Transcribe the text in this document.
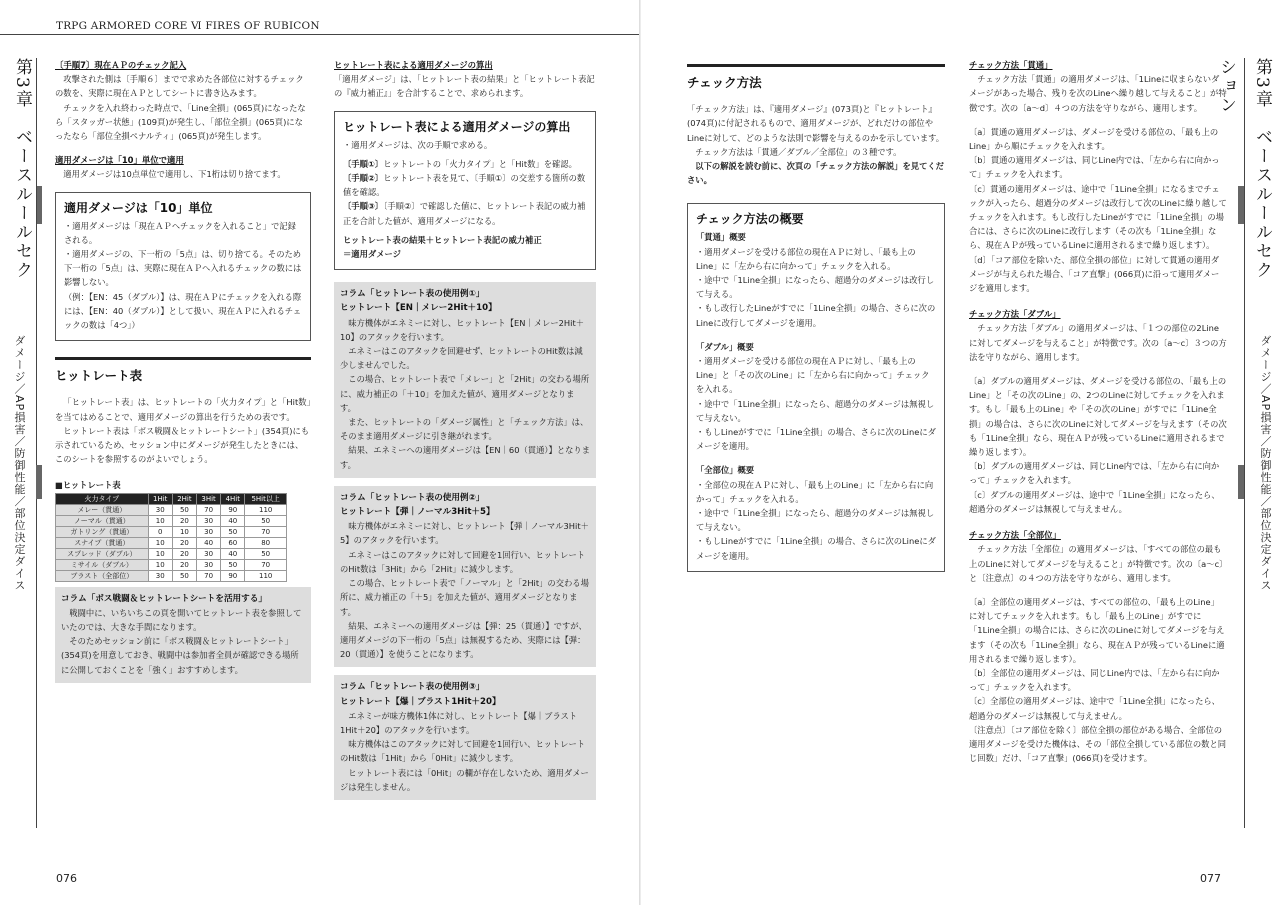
TRPG ARMORED CORE Ⅵ FIRES OF RUBICON
第3章　ベースルールセク
ダメージ／AP損害／防御性能／部位決定ダイス
第3章　ベースルールセクション
ダメージ／AP損害／防御性能／部位決定ダイス
076	077
〔手順7〕現在ＡＰのチェック記入
攻撃された側は〔手順６〕までで求めた各部位に対するチェックの数を、実際に現在ＡＰとしてシートに書き込みます。
チェックを入れ終わった時点で、「Line全損」(065頁)になったなら「スタッガー状態」(109頁)が発生し、「部位全損」(065頁)になったなら「部位全損ペナルティ」(065頁)が発生します。
適用ダメージは「10」単位で適用
適用ダメージは10点単位で適用し、下1桁は切り捨てます。
適用ダメージは「10」単位
・適用ダメージは「現在ＡＰへチェックを入れること」で記録される。
・適用ダメージの、下一桁の「5点」は、切り捨てる。そのため下一桁の「5点」は、実際に現在ＡＰへ入れるチェックの数には影響しない。
（例：【EN：45（ダブル）】は、現在ＡＰにチェックを入れる際には、【EN：40（ダブル）】として扱い、現在ＡＰに入れるチェックの数は「4つ」）
ヒットレート表
「ヒットレート表」は、ヒットレートの「火力タイプ」と「Hit数」を当てはめることで、適用ダメージの算出を行うための表です。
ヒットレート表は「ボス戦闘＆ヒットレートシート」(354頁)にも示されているため、セッション中にダメージが発生したときには、このシートを参照するのがよいでしょう。
■ヒットレート表
火力タイプ	1Hit	2Hit	3Hit	4Hit	5Hit以上
メレー（貫通）	30	50	70	90	110
ノーマル（貫通）	10	20	30	40	50
ガトリング（貫通）	0	10	30	50	70
スナイプ（貫通）	10	20	40	60	80
スプレッド（ダブル）	10	20	30	40	50
ミサイル（ダブル）	10	20	30	50	70
ブラスト（全部位）	30	50	70	90	110
コラム「ボス戦闘＆ヒットレートシートを活用する」
戦闘中に、いちいちこの頁を開いてヒットレート表を参照していたのでは、大きな手間になります。
そのためセッション前に「ボス戦闘＆ヒットレートシート」(354頁)を用意しておき、戦闘中は参加者全員が確認できる場所に公開しておくことを「強く」おすすめします。
ヒットレート表による適用ダメージの算出
「適用ダメージ」は、「ヒットレート表の結果」と「ヒットレート表記の『威力補正』」を合計することで、求められます。
ヒットレート表による適用ダメージの算出
・適用ダメージは、次の手順で求める。
〔手順①〕ヒットレートの「火力タイプ」と「Hit数」を確認。
〔手順②〕ヒットレート表を見て、〔手順①〕の交差する箇所の数値を確認。
〔手順③〕〔手順②〕で確認した値に、ヒットレート表記の威力補正を合計した値が、適用ダメージになる。
ヒットレート表の結果＋ヒットレート表記の威力補正
＝適用ダメージ
コラム「ヒットレート表の使用例①」
ヒットレート【EN｜メレー2Hit＋10】
味方機体がエネミーに対し、ヒットレート【EN｜メレー2Hit＋10】のアタックを行います。
エネミーはこのアタックを回避せず、ヒットレートのHit数は減少しませんでした。
この場合、ヒットレート表で「メレー」と「2Hit」の交わる場所に、威力補正の「＋10」を加えた値が、適用ダメージとなります。
また、ヒットレートの「ダメージ属性」と「チェック方法」は、そのまま適用ダメージに引き継がれます。
結果、エネミーへの適用ダメージは【EN｜60（貫通）】となります。
コラム「ヒットレート表の使用例②」
ヒットレート【弾｜ノーマル3Hit＋5】
味方機体がエネミーに対し、ヒットレート【弾｜ノーマル3Hit＋5】のアタックを行います。
エネミーはこのアタックに対して回避を1回行い、ヒットレートのHit数は「3Hit」から「2Hit」に減少します。
この場合、ヒットレート表で「ノーマル」と「2Hit」の交わる場所に、威力補正の「＋5」を加えた値が、適用ダメージとなります。
結果、エネミーへの適用ダメージは【弾：25（貫通）】ですが、適用ダメージの下一桁の「5点」は無視するため、実際には【弾：20（貫通）】を使うことになります。
コラム「ヒットレート表の使用例③」
ヒットレート【爆｜ブラスト1Hit＋20】
エネミーが味方機体1体に対し、ヒットレート【爆｜ブラスト1Hit＋20】のアタックを行います。
味方機体はこのアタックに対して回避を1回行い、ヒットレートのHit数は「1Hit」から「0Hit」に減少します。
ヒットレート表には「0Hit」の欄が存在しないため、適用ダメージは発生しません。
チェック方法
「チェック方法」は、『適用ダメージ』(073頁)と『ヒットレート』(074頁)に付記されるもので、適用ダメージが、どれだけの部位やLineに対して、どのような法則で影響を与えるのかを示しています。
チェック方法は「貫通／ダブル／全部位」の３種です。
以下の解説を読む前に、次頁の「チェック方法の解説」を見てください。
チェック方法の概要
「貫通」概要
・適用ダメージを受ける部位の現在ＡＰに対し、「最も上のLine」に「左から右に向かって」チェックを入れる。
・途中で「1Line全損」になったら、超過分のダメージは改行して与える。
・もし改行したLineがすでに「1Line全損」の場合、さらに次のLineに改行してダメージを適用。
「ダブル」概要
・適用ダメージを受ける部位の現在ＡＰに対し、「最も上のLine」と「その次のLine」に「左から右に向かって」チェックを入れる。
・途中で「1Line全損」になったら、超過分のダメージは無視して与えない。
・もしLineがすでに「1Line全損」の場合、さらに次のLineにダメージを適用。
「全部位」概要
・全部位の現在ＡＰに対し、「最も上のLine」に「左から右に向かって」チェックを入れる。
・途中で「1Line全損」になったら、超過分のダメージは無視して与えない。
・もしLineがすでに「1Line全損」の場合、さらに次のLineにダメージを適用。
チェック方法「貫通」
チェック方法「貫通」の適用ダメージは、「1Lineに収まらないダメージがあった場合、残りを次のLineへ繰り越して与えること」が特徴です。次の〔a～d〕４つの方法を守りながら、適用します。
〔a〕貫通の適用ダメージは、ダメージを受ける部位の、「最も上のLine」から順にチェックを入れます。
〔b〕貫通の適用ダメージは、同じLine内では、「左から右に向かって」チェックを入れます。
〔c〕貫通の適用ダメージは、途中で「1Line全損」になるまでチェックが入ったら、超過分のダメージは改行して次のLineに繰り越してチェックを入れます。もし改行したLineがすでに「1Line全損」の場合には、さらに次のLineに改行します（その次も「1Line全損」なら、現在ＡＰが残っているLineに適用されるまで繰り返します）。
〔d〕「コア部位を除いた、部位全損の部位」に対して貫通の適用ダメージが与えられた場合、「コア直撃」(066頁)に沿って適用ダメージを適用します。
チェック方法「ダブル」
チェック方法「ダブル」の適用ダメージは、「１つの部位の2Lineに対してダメージを与えること」が特徴です。次の〔a～c〕３つの方法を守りながら、適用します。
〔a〕ダブルの適用ダメージは、ダメージを受ける部位の、「最も上のLine」と「その次のLine」の、2つのLineに対してチェックを入れます。もし「最も上のLine」や「その次のLine」がすでに「1Line全損」の場合は、さらに次のLineに対してダメージを与えます（その次も「1Line全損」なら、現在ＡＰが残っているLineに適用されるまで繰り返します）。
〔b〕ダブルの適用ダメージは、同じLine内では、「左から右に向かって」チェックを入れます。
〔c〕ダブルの適用ダメージは、途中で「1Line全損」になったら、超過分のダメージは無視して与えません。
チェック方法「全部位」
チェック方法「全部位」の適用ダメージは、「すべての部位の最も上のLineに対してダメージを与えること」が特徴です。次の〔a～c〕と〔注意点〕の４つの方法を守りながら、適用します。
〔a〕全部位の適用ダメージは、すべての部位の、「最も上のLine」に対してチェックを入れます。もし「最も上のLine」がすでに「1Line全損」の場合には、さらに次のLineに対してダメージを与えます（その次も「1Line全損」なら、現在ＡＰが残っているLineに適用されるまで繰り返します）。
〔b〕全部位の適用ダメージは、同じLine内では、「左から右に向かって」チェックを入れます。
〔c〕全部位の適用ダメージは、途中で「1Line全損」になったら、超過分のダメージは無視して与えません。
〔注意点〕〔コア部位を除く〕部位全損の部位がある場合、全部位の適用ダメージを受けた機体は、その「部位全損している部位の数と同じ回数」だけ、「コア直撃」(066頁)を受けます。
